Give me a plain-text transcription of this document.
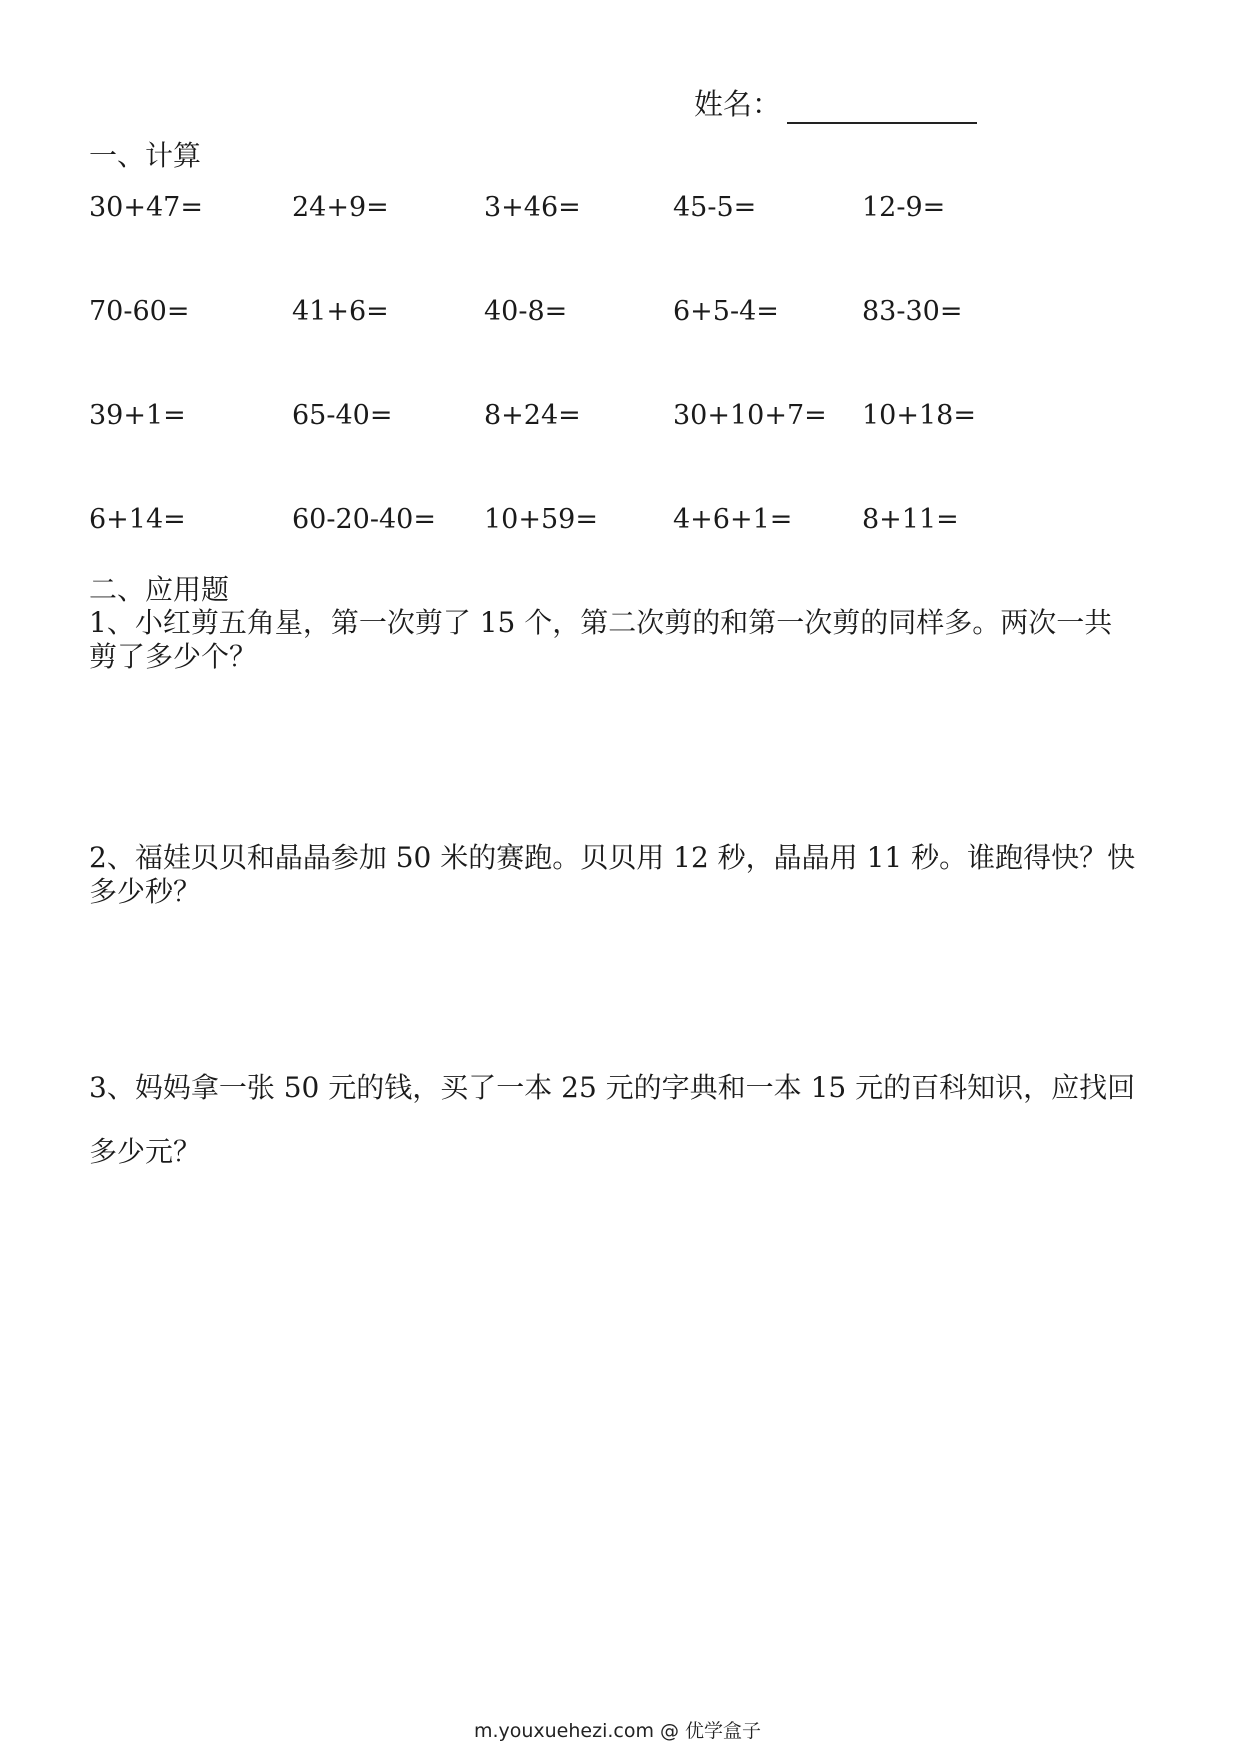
姓名：
一、计算
30+47=	24+9=	3+46=	45-5=	12-9=
70-60=	41+6=	40-8=	6+5-4=	83-30=
39+1=	65-40=	8+24=	30+10+7= 10+18=
6+14=	60-20-40= 10+59=	4+6+1=	8+11=
二、应用题

1、小红剪五角星，第一次剪了 15 个，第二次剪的和第一次剪的同样多。两次一共

剪了多少个？

2、福娃贝贝和晶晶参加 50 米的赛跑。贝贝用 12 秒，晶晶用 11 秒。谁跑得快？快

多少秒？

3、妈妈拿一张 50 元的钱，买了一本 25 元的字典和一本 15 元的百科知识，应找回

多少元？

m.youxuehezi.com @ 优学盒子
